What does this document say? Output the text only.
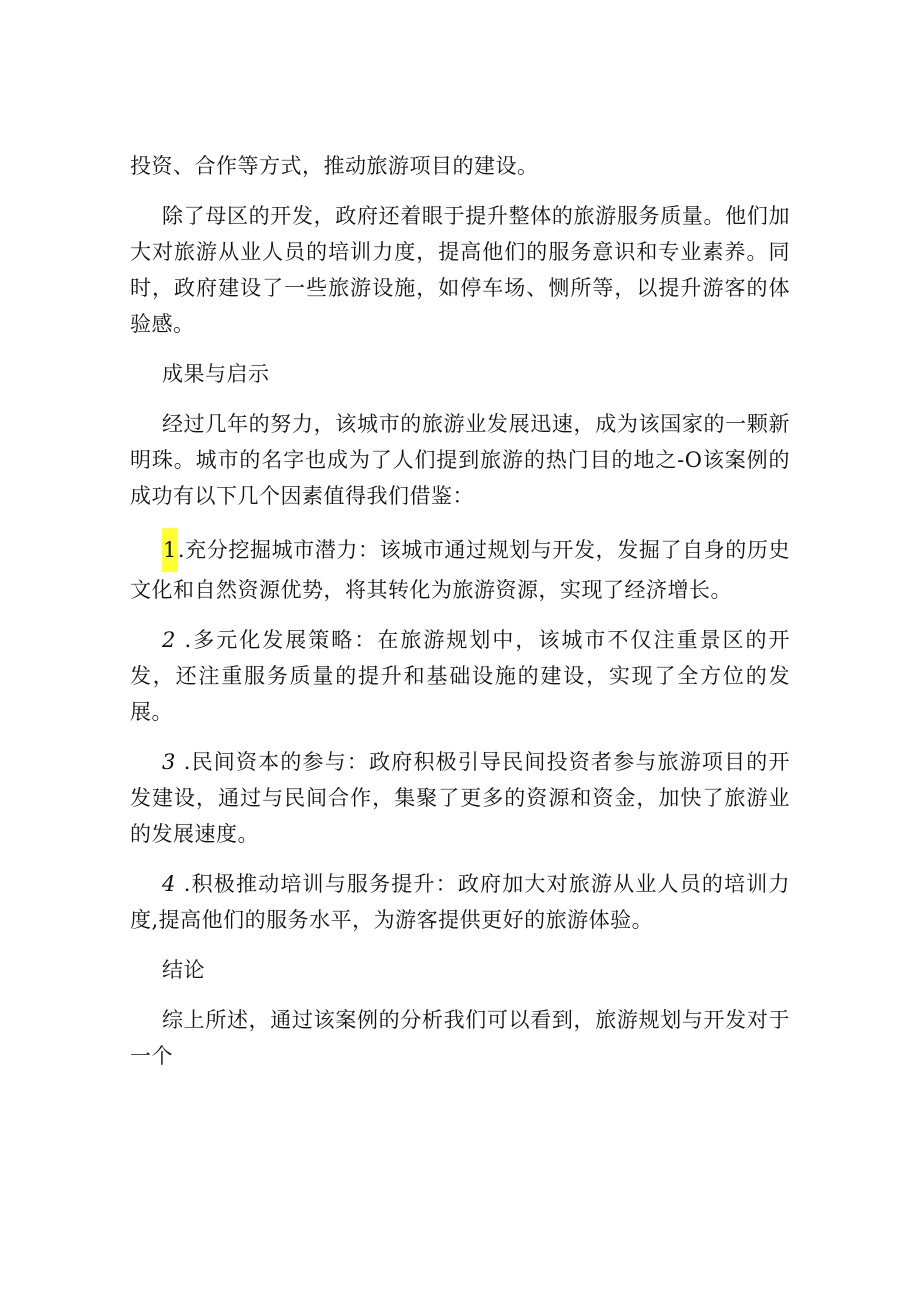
投资、合作等方式，推动旅游项目的建设。

除了母区的开发，政府还着眼于提升整体的旅游服务质量。他们加大对旅游从业人员的培训力度，提高他们的服务意识和专业素养。同时，政府建设了一些旅游设施，如停车场、恻所等，以提升游客的体验感。

成果与启示

经过几年的努力，该城市的旅游业发展迅速，成为该国家的一颗新明珠。城市的名字也成为了人们提到旅游的热门目的地之-O该案例的成功有以下几个因素值得我们借鉴：

1.充分挖掘城市潜力：该城市通过规划与开发，发掘了自身的历史文化和自然资源优势，将其转化为旅游资源，实现了经济增长。

2 .多元化发展策略：在旅游规划中，该城市不仅注重景区的开发，还注重服务质量的提升和基础设施的建设，实现了全方位的发展。

3 .民间资本的参与：政府积极引导民间投资者参与旅游项目的开发建设，通过与民间合作，集聚了更多的资源和资金，加快了旅游业的发展速度。

4 .积极推动培训与服务提升：政府加大对旅游从业人员的培训力度,提高他们的服务水平，为游客提供更好的旅游体验。

结论

综上所述，通过该案例的分析我们可以看到，旅游规划与开发对于一个
